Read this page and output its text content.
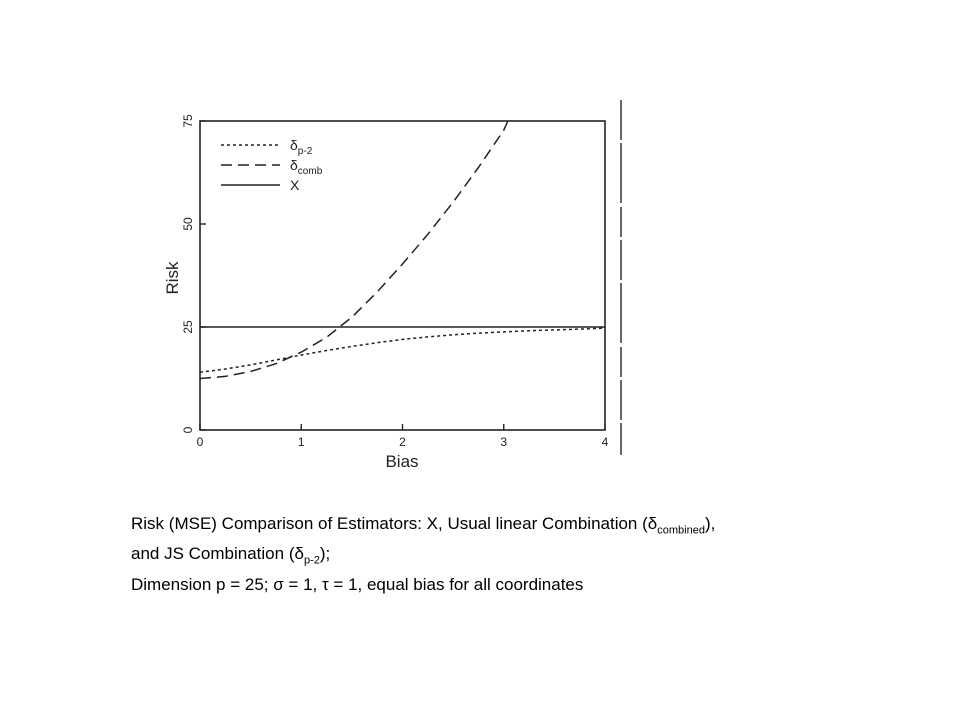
0	1	2	3	4
0
25
50
75
$\delta_{p-2}$
$\delta_{comb}$
X
Bias
Risk

Risk (MSE) Comparison of Estimators: X, Usual linear Combination $(\delta_{combined})$,

and JS Combination $(\delta_{p-2})$;

Dimension p = 25; σ = 1, τ = 1, equal bias for all coordinates
